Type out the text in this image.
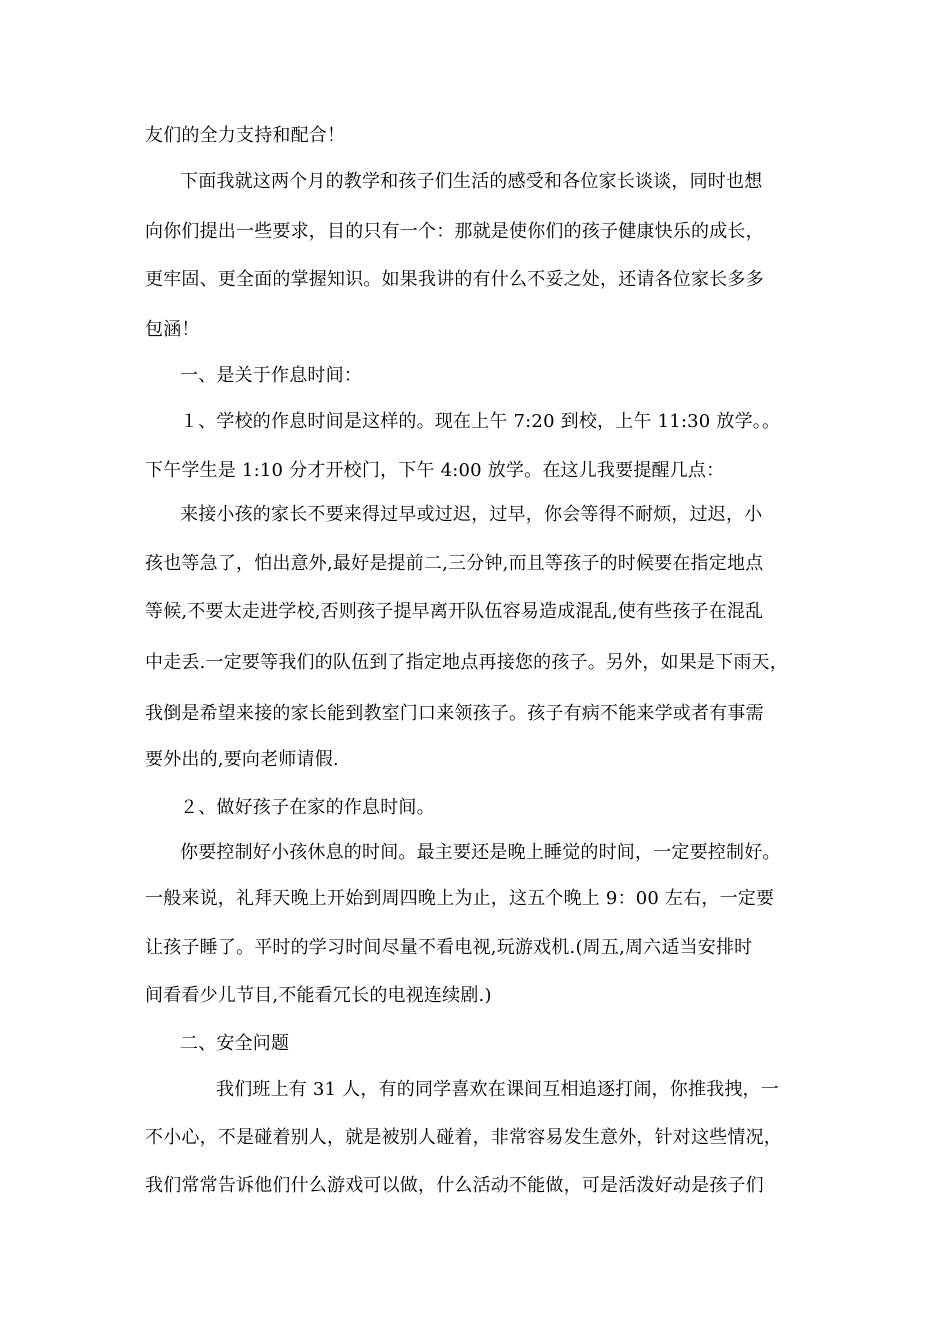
友们的全力支持和配合！
下面我就这两个月的教学和孩子们生活的感受和各位家长谈谈，同时也想
向你们提出一些要求，目的只有一个：那就是使你们的孩子健康快乐的成长，
更牢固、更全面的掌握知识。如果我讲的有什么不妥之处，还请各位家长多多
包涵！
一、是关于作息时间：
１、学校的作息时间是这样的。现在上午 7:20 到校，上午 11:30 放学。。
下午学生是 1:10 分才开校门，下午 4:00 放学。在这儿我要提醒几点：
来接小孩的家长不要来得过早或过迟，过早，你会等得不耐烦，过迟，小
孩也等急了，怕出意外,最好是提前二,三分钟,而且等孩子的时候要在指定地点
等候,不要太走进学校,否则孩子提早离开队伍容易造成混乱,使有些孩子在混乱
中走丢.一定要等我们的队伍到了指定地点再接您的孩子。另外，如果是下雨天，
我倒是希望来接的家长能到教室门口来领孩子。孩子有病不能来学或者有事需
要外出的,要向老师请假.
２、做好孩子在家的作息时间。
你要控制好小孩休息的时间。最主要还是晚上睡觉的时间，一定要控制好。
一般来说，礼拜天晚上开始到周四晚上为止，这五个晚上 9：00 左右，一定要
让孩子睡了。平时的学习时间尽量不看电视,玩游戏机.(周五,周六适当安排时
间看看少儿节目,不能看冗长的电视连续剧.)
二、安全问题
我们班上有 31 人，有的同学喜欢在课间互相追逐打闹，你推我拽，一
不小心，不是碰着别人，就是被别人碰着，非常容易发生意外，针对这些情况，
我们常常告诉他们什么游戏可以做，什么活动不能做，可是活泼好动是孩子们
